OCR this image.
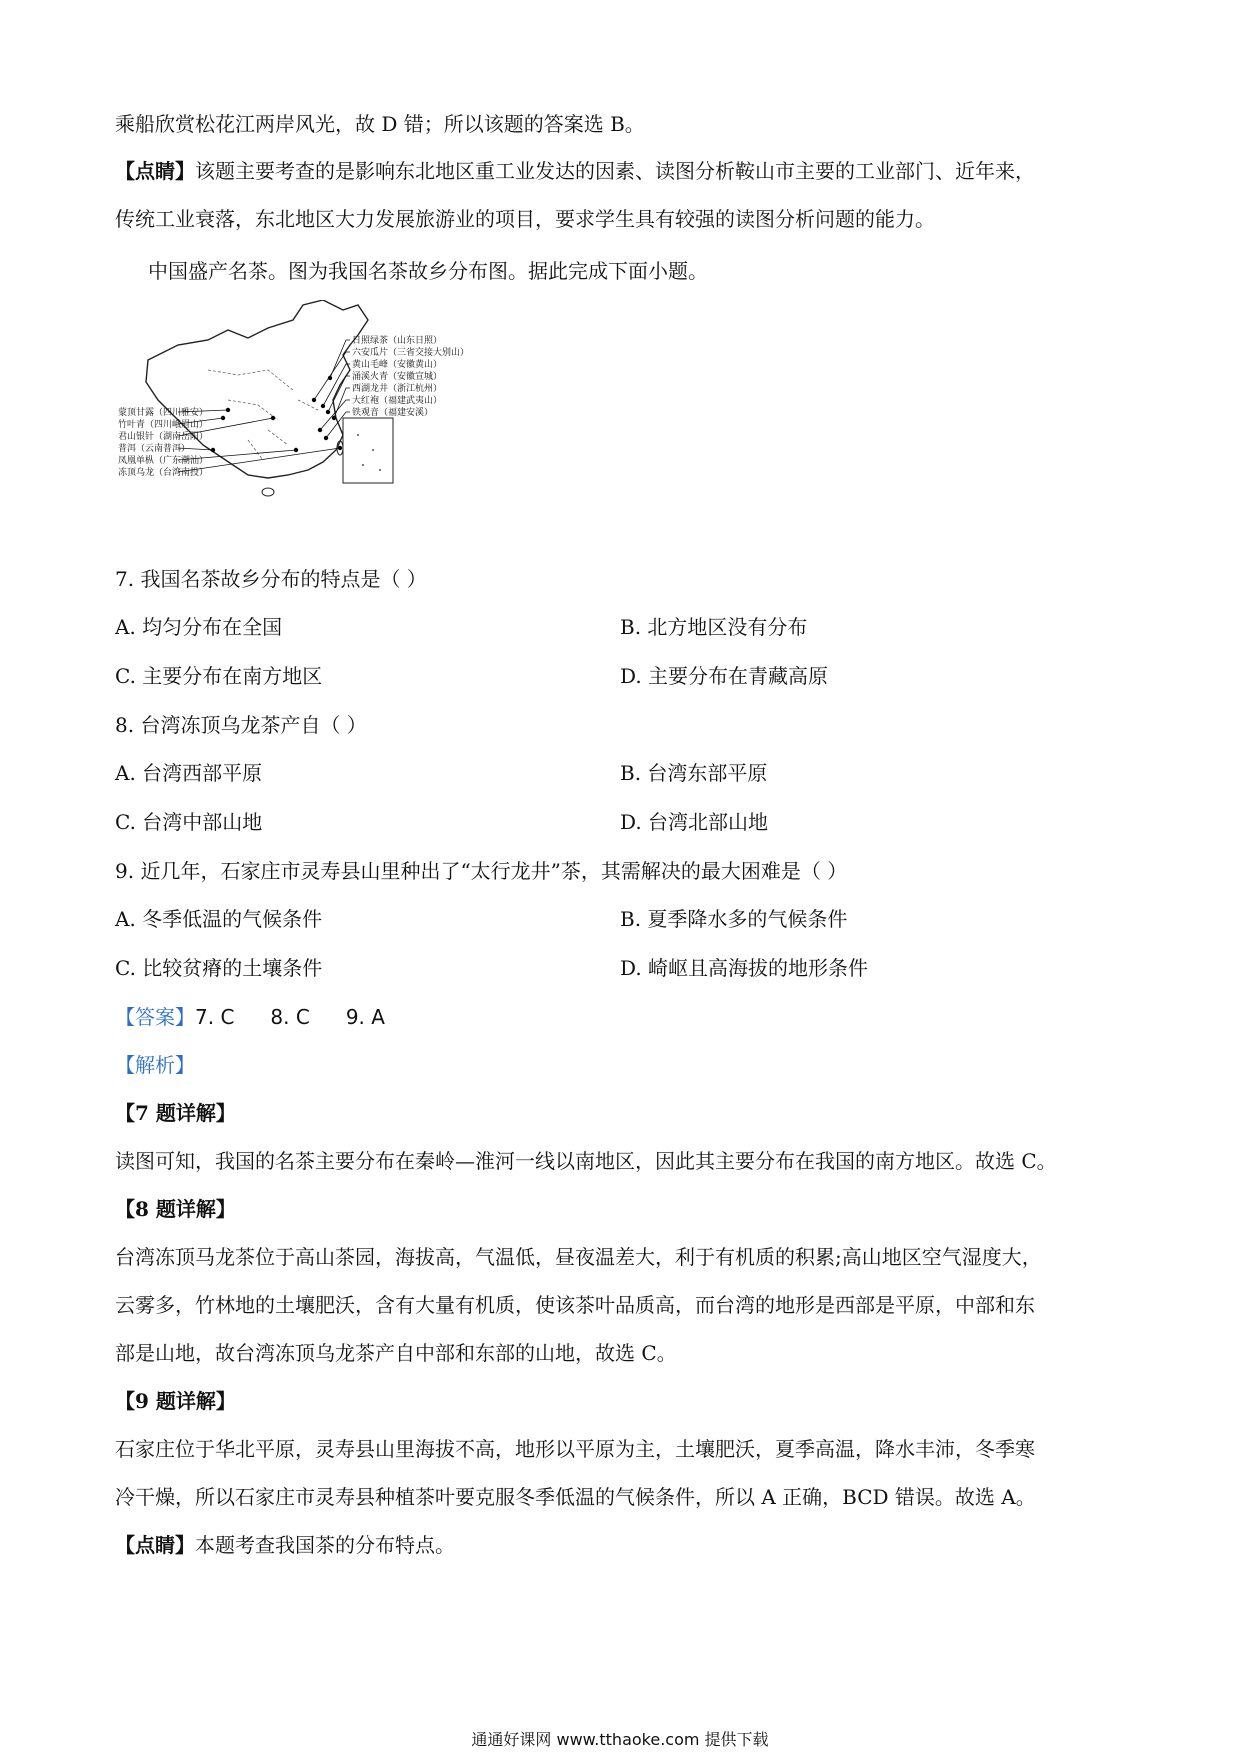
乘船欣赏松花江两岸风光，故 D 错；所以该题的答案选 B。
【点睛】该题主要考查的是影响东北地区重工业发达的因素、读图分析鞍山市主要的工业部门、近年来，
传统工业衰落，东北地区大力发展旅游业的项目，要求学生具有较强的读图分析问题的能力。
中国盛产名茶。图为我国名茶故乡分布图。据此完成下面小题。
日照绿茶（山东日照）
六安瓜片（三省交接大别山）
黄山毛峰（安徽黄山）
涌溪火青（安徽宣城）
西湖龙井（浙江杭州）
大红袍（福建武夷山）
铁观音（福建安溪）
蒙顶甘露（四川雅安）
竹叶青（四川峨眉山）
君山银针（湖南岳阳）
普洱（云南普洱）
凤凰单枞（广东潮汕）
冻顶乌龙（台湾南投）
7. 我国名茶故乡分布的特点是（ ）
A. 均匀分布在全国	B. 北方地区没有分布
C. 主要分布在南方地区	D. 主要分布在青藏高原
8. 台湾冻顶乌龙茶产自（ ）
A. 台湾西部平原	B. 台湾东部平原
C. 台湾中部山地	D. 台湾北部山地
9. 近几年，石家庄市灵寿县山里种出了“太行龙井”茶，其需解决的最大困难是（ ）
A. 冬季低温的气候条件	B. 夏季降水多的气候条件
C. 比较贫瘠的土壤条件	D. 崎岖且高海拔的地形条件
【答案】7. C 8. C 9. A
【解析】
【7 题详解】
读图可知，我国的名茶主要分布在秦岭—淮河一线以南地区，因此其主要分布在我国的南方地区。故选 C。
【8 题详解】
台湾冻顶马龙茶位于高山茶园，海拔高，气温低，昼夜温差大，利于有机质的积累;高山地区空气湿度大，
云雾多，竹林地的土壤肥沃，含有大量有机质，使该茶叶品质高，而台湾的地形是西部是平原，中部和东
部是山地，故台湾冻顶乌龙茶产自中部和东部的山地，故选 C。
【9 题详解】
石家庄位于华北平原，灵寿县山里海拔不高，地形以平原为主，土壤肥沃，夏季高温，降水丰沛，冬季寒
冷干燥，所以石家庄市灵寿县种植茶叶要克服冬季低温的气候条件，所以 A 正确，BCD 错误。故选 A。
【点睛】本题考查我国茶的分布特点。
通通好课网 www.tthaoke.com 提供下载
